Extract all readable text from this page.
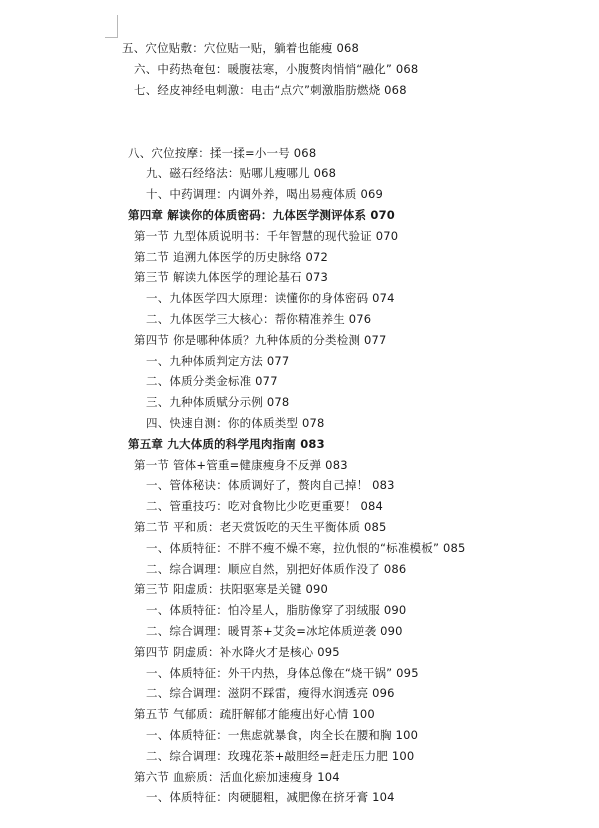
五、穴位贴敷：穴位贴一贴，躺着也能瘦 068
六、中药热奄包：暖腹祛寒，小腹赘肉悄悄“融化” 068
七、经皮神经电刺激：电击“点穴”刺激脂肪燃烧 068
八、穴位按摩：揉一揉=小一号 068
九、磁石经络法：贴哪儿瘦哪儿 068
十、中药调理：内调外养，喝出易瘦体质 069
第四章 解读你的体质密码：九体医学测评体系 070
第一节 九型体质说明书：千年智慧的现代验证 070
第二节 追溯九体医学的历史脉络 072
第三节 解读九体医学的理论基石 073
一、九体医学四大原理：读懂你的身体密码 074
二、九体医学三大核心：帮你精准养生 076
第四节 你是哪种体质？九种体质的分类检测 077
一、九种体质判定方法 077
二、体质分类金标准 077
三、九种体质赋分示例 078
四、快速自测：你的体质类型 078
第五章 九大体质的科学甩肉指南 083
第一节 管体+管重=健康瘦身不反弹 083
一、管体秘诀：体质调好了，赘肉自己掉！ 083
二、管重技巧：吃对食物比少吃更重要！ 084
第二节 平和质：老天赏饭吃的天生平衡体质 085
一、体质特征：不胖不瘦不燥不寒，拉仇恨的“标准模板” 085
二、综合调理：顺应自然，别把好体质作没了 086
第三节 阳虚质：扶阳驱寒是关键 090
一、体质特征：怕冷星人，脂肪像穿了羽绒服 090
二、综合调理：暖胃茶+艾灸=冰坨体质逆袭 090
第四节 阴虚质：补水降火才是核心 095
一、体质特征：外干内热，身体总像在“烧干锅” 095
二、综合调理：滋阴不踩雷，瘦得水润透亮 096
第五节 气郁质：疏肝解郁才能瘦出好心情 100
一、体质特征：一焦虑就暴食，肉全长在腰和胸 100
二、综合调理：玫瑰花茶+敲胆经=赶走压力肥 100
第六节 血瘀质：活血化瘀加速瘦身 104
一、体质特征：肉硬腿粗，减肥像在挤牙膏 104
